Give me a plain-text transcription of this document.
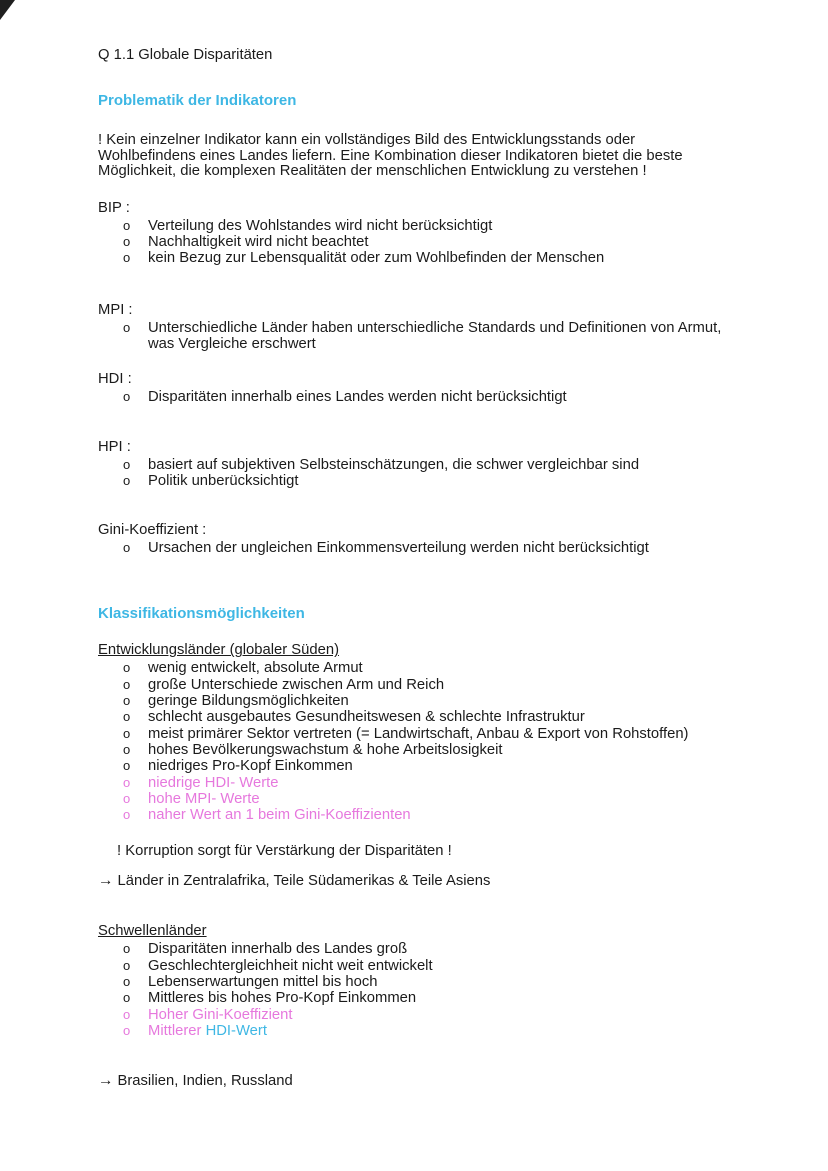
Q 1.1 Globale Disparitäten

Problematik der Indikatoren

! Kein einzelner Indikator kann ein vollständiges Bild des Entwicklungsstands oder Wohlbefindens eines Landes liefern. Eine Kombination dieser Indikatoren bietet die beste Möglichkeit, die komplexen Realitäten der menschlichen Entwicklung zu verstehen !

BIP :

o	Verteilung des Wohlstandes wird nicht berücksichtigt
o	Nachhaltigkeit wird nicht beachtet
o	kein Bezug zur Lebensqualität oder zum Wohlbefinden der Menschen

MPI :

o	Unterschiedliche Länder haben unterschiedliche Standards und Definitionen von Armut, was Vergleiche erschwert

HDI :

o	Disparitäten innerhalb eines Landes werden nicht berücksichtigt

HPI :

o	basiert auf subjektiven Selbsteinschätzungen, die schwer vergleichbar sind
o	Politik unberücksichtigt

Gini-Koeffizient :

o	Ursachen der ungleichen Einkommensverteilung werden nicht berücksichtigt
Klassifikationsmöglichkeiten

Entwicklungsländer (globaler Süden)

o	wenig entwickelt, absolute Armut
o	große Unterschiede zwischen Arm und Reich
o	geringe Bildungsmöglichkeiten
o	schlecht ausgebautes Gesundheitswesen & schlechte Infrastruktur
o	meist primärer Sektor vertreten (= Landwirtschaft, Anbau & Export von Rohstoffen)
o	hohes Bevölkerungswachstum & hohe Arbeitslosigkeit
o	niedriges Pro-Kopf Einkommen
o	niedrige HDI- Werte
o	hohe MPI- Werte
o	naher Wert an 1 beim Gini-Koeffizienten

! Korruption sorgt für Verstärkung der Disparitäten !

→ Länder in Zentralafrika, Teile Südamerikas & Teile Asiens

Schwellenländer

o	Disparitäten innerhalb des Landes groß
o	Geschlechtergleichheit nicht weit entwickelt
o	Lebenserwartungen mittel bis hoch
o	Mittleres bis hohes Pro-Kopf Einkommen
o	Hoher Gini-Koeffizient
o	Mittlerer HDI-Wert

→ Brasilien, Indien, Russland
